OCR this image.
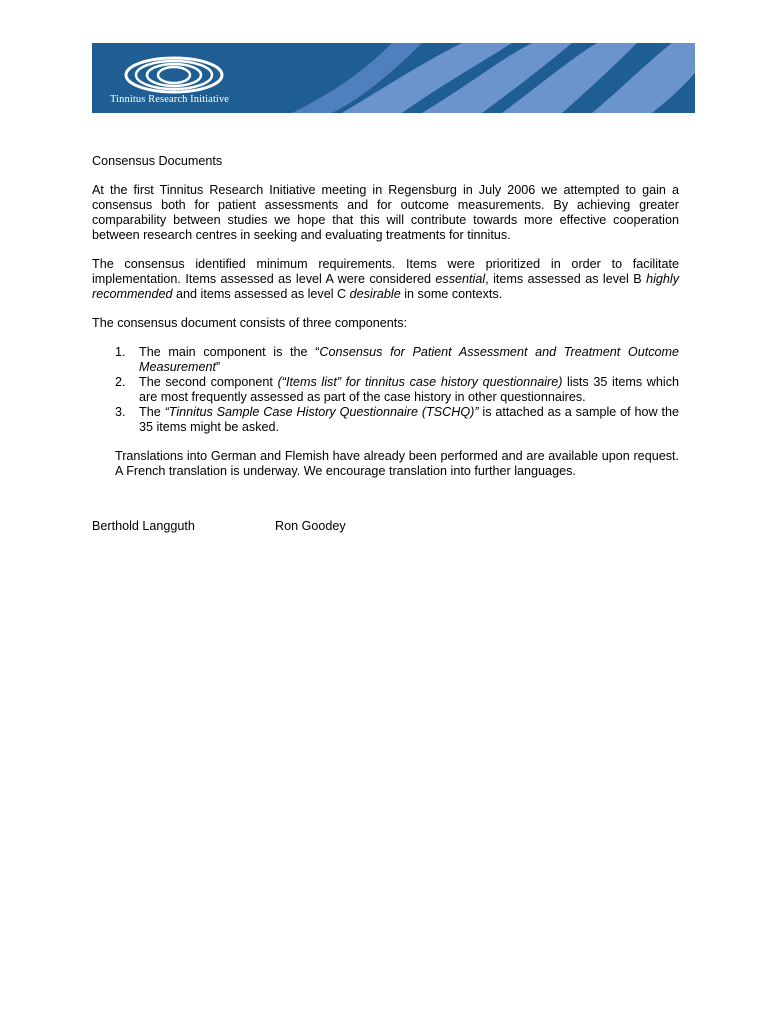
Tinnitus Research Initiative

Consensus Documents

At the first Tinnitus Research Initiative meeting in Regensburg in July 2006 we attempted to gain a consensus both for patient assessments and for outcome measurements. By achieving greater comparability between studies we hope that this will contribute towards more effective cooperation between research centres in seeking and evaluating treatments for tinnitus.

The consensus identified minimum requirements. Items were prioritized in order to facilitate implementation. Items assessed as level A were considered essential, items assessed as level B highly recommended and items assessed as level C desirable in some contexts.

The consensus document consists of three components:

1. The main component is the “Consensus for Patient Assessment and Treatment Outcome Measurement”
2. The second component (“Items list” for tinnitus case history questionnaire) lists 35 items which are most frequently assessed as part of the case history in other questionnaires.
3. The “Tinnitus Sample Case History Questionnaire (TSCHQ)” is attached as a sample of how the 35 items might be asked.

Translations into German and Flemish have already been performed and are available upon request. A French translation is underway. We encourage translation into further languages.

Berthold Langguth	Ron Goodey
